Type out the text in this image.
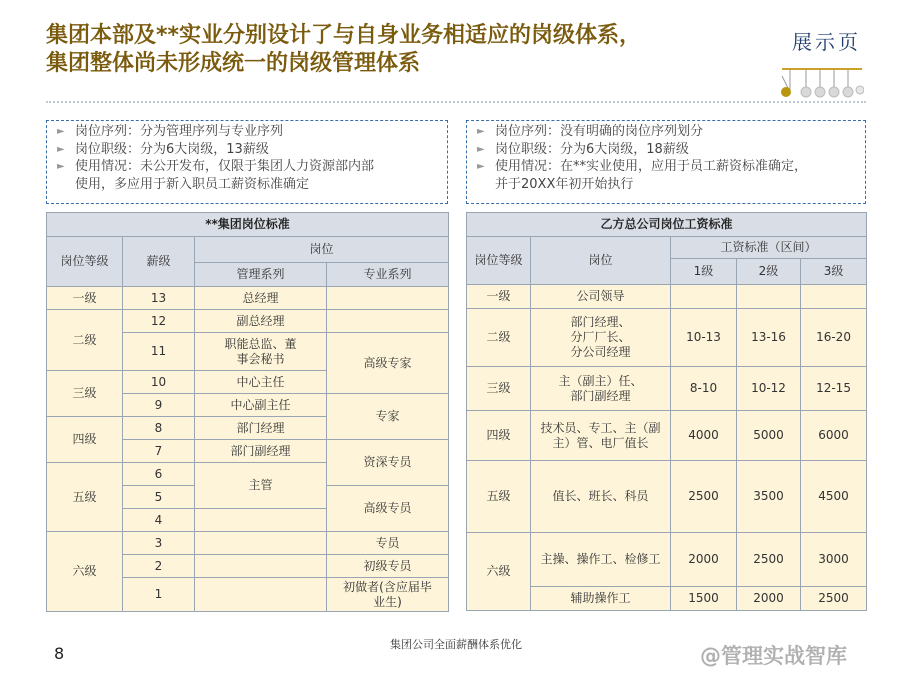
集团本部及**实业分别设计了与自身业务相适应的岗级体系，
集团整体尚未形成统一的岗级管理体系
展示页
► 岗位序列：分为管理序列与专业序列
► 岗位职级：分为6大岗级，13薪级
► 使用情况：未公开发布，仅限于集团人力资源部内部
使用，多应用于新入职员工薪资标准确定
► 岗位序列：没有明确的岗位序列划分
► 岗位职级：分为6大岗级，18薪级
► 使用情况：在**实业使用，应用于员工薪资标准确定，
并于20XX年初开始执行
**集团岗位标准			
岗位等级	薪级	岗位	
		管理系列	专业系列
一级	13	总经理	
二级	12	副总经理	
	11	职能总监、董事会秘书	高级专家
三级	10	中心主任	
	9	中心副主任	专家
四级	8	部门经理	
	7	部门副经理	资深专员
五级	6	主管	
	5		高级专员
	4		
六级	3		专员
	2		初级专员
	1		初做者(含应届毕业生)
乙方总公司岗位工资标准				
岗位等级	岗位	工资标准（区间）		
		1级	2级	3级
一级	公司领导			
二级	部门经理、分厂厂长、分公司经理	10-13	13-16	16-20
三级	主（副主）任、部门副经理	8-10	10-12	12-15
四级	技术员、专工、主（副主）管、电厂值长	4000	5000	6000
五级	值长、班长、科员	2500	3500	4500
六级	主操、操作工、检修工	2000	2500	3000
	辅助操作工	1500	2000	2500
集团公司全面薪酬体系优化
8	@管理实战智库
